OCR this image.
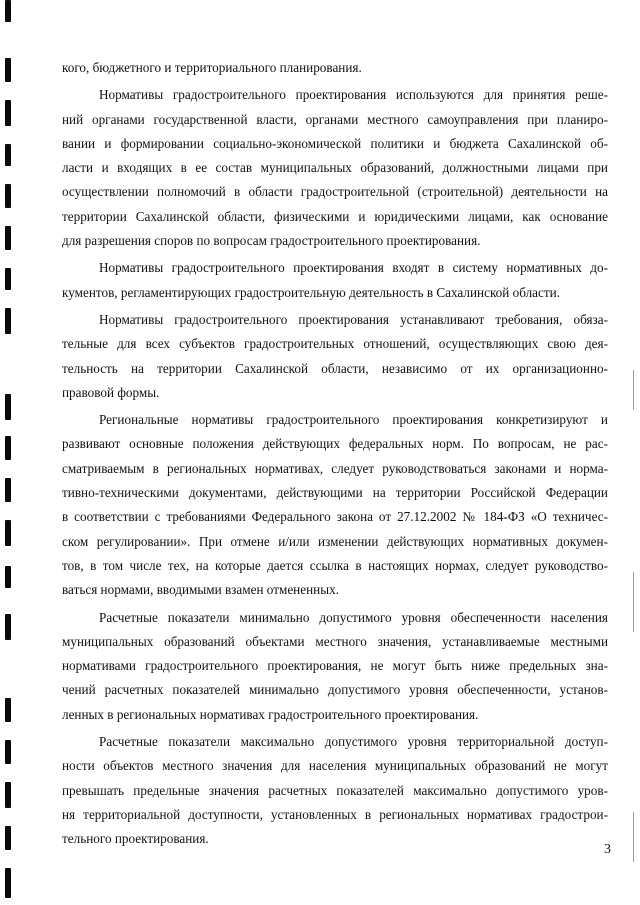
кого, бюджетного и территориального планирования.
Нормативы градостроительного проектирования используются для принятия реше-
ний органами государственной власти, органами местного самоуправления при планиро-
вании и формировании социально-экономической политики и бюджета Сахалинской об-
ласти и входящих в ее состав муниципальных образований, должностными лицами при
осуществлении полномочий в области градостроительной (строительной) деятельности на
территории Сахалинской области, физическими и юридическими лицами, как основание
для разрешения споров по вопросам градостроительного проектирования.
Нормативы градостроительного проектирования входят в систему нормативных до-
кументов, регламентирующих градостроительную деятельность в Сахалинской области.
Нормативы градостроительного проектирования устанавливают требования, обяза-
тельные для всех субъектов градостроительных отношений, осуществляющих свою дея-
тельность на территории Сахалинской области, независимо от их организационно-
правовой формы.
Региональные нормативы градостроительного проектирования конкретизируют и
развивают основные положения действующих федеральных норм. По вопросам, не рас-
сматриваемым в региональных нормативах, следует руководствоваться законами и норма-
тивно-техническими документами, действующими на территории Российской Федерации
в соответствии с требованиями Федерального закона от 27.12.2002 № 184-ФЗ «О техничес-
ском регулировании». При отмене и/или изменении действующих нормативных докумен-
тов, в том числе тех, на которые дается ссылка в настоящих нормах, следует руководство-
ваться нормами, вводимыми взамен отмененных.
Расчетные показатели минимально допустимого уровня обеспеченности населения
муниципальных образований объектами местного значения, устанавливаемые местными
нормативами градостроительного проектирования, не могут быть ниже предельных зна-
чений расчетных показателей минимально допустимого уровня обеспеченности, установ-
ленных в региональных нормативах градостроительного проектирования.
Расчетные показатели максимально допустимого уровня территориальной доступ-
ности объектов местного значения для населения муниципальных образований не могут
превышать предельные значения расчетных показателей максимально допустимого уров-
ня территориальной доступности, установленных в региональных нормативах градострои-
тельного проектирования.
3
